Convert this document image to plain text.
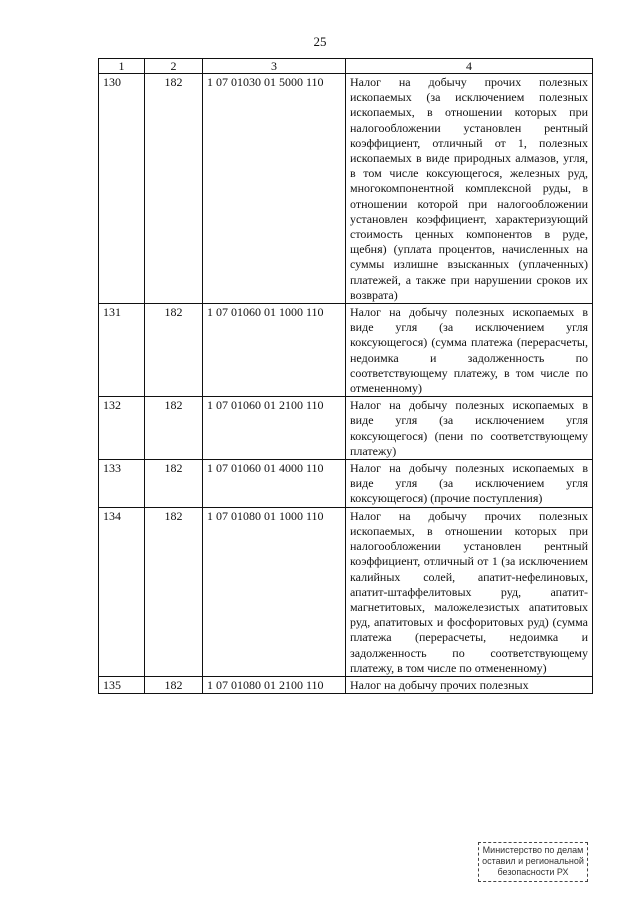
25
1	2	3	4
130	182	1 07 01030 01 5000 110	Налог на добычу прочих полезных ископаемых (за исключением полезных ископаемых, в отношении которых при налогообложении установлен рентный коэффициент, отличный от 1, полезных ископаемых в виде природных алмазов, угля, в том числе коксующегося, железных руд, многокомпонентной комплексной руды, в отношении которой при налогообложении установлен коэффициент, характеризующий стоимость ценных компонентов в руде, щебня) (уплата процентов, начисленных на суммы излишне взысканных (уплаченных) платежей, а также при нарушении сроков их возврата)
131	182	1 07 01060 01 1000 110	Налог на добычу полезных ископаемых в виде угля (за исключением угля коксующегося) (сумма платежа (перерасчеты, недоимка и задолженность по соответствующему платежу, в том числе по отмененному)
132	182	1 07 01060 01 2100 110	Налог на добычу полезных ископаемых в виде угля (за исключением угля коксующегося) (пени по соответствующему платежу)
133	182	1 07 01060 01 4000 110	Налог на добычу полезных ископаемых в виде угля (за исключением угля коксующегося) (прочие поступления)
134	182	1 07 01080 01 1000 110	Налог на добычу прочих полезных ископаемых, в отношении которых при налогообложении установлен рентный коэффициент, отличный от 1 (за исключением калийных солей, апатит-нефелиновых, апатит-штаффелитовых руд, апатит-магнетитовых, маложелезистых апатитовых руд, апатитовых и фосфоритовых руд) (сумма платежа (перерасчеты, недоимка и задолженность по соответствующему платежу, в том числе по отмененному)
135	182	1 07 01080 01 2100 110	Налог на добычу прочих полезных
Министерство по делам
оставил и региональной
безопасности РХ
